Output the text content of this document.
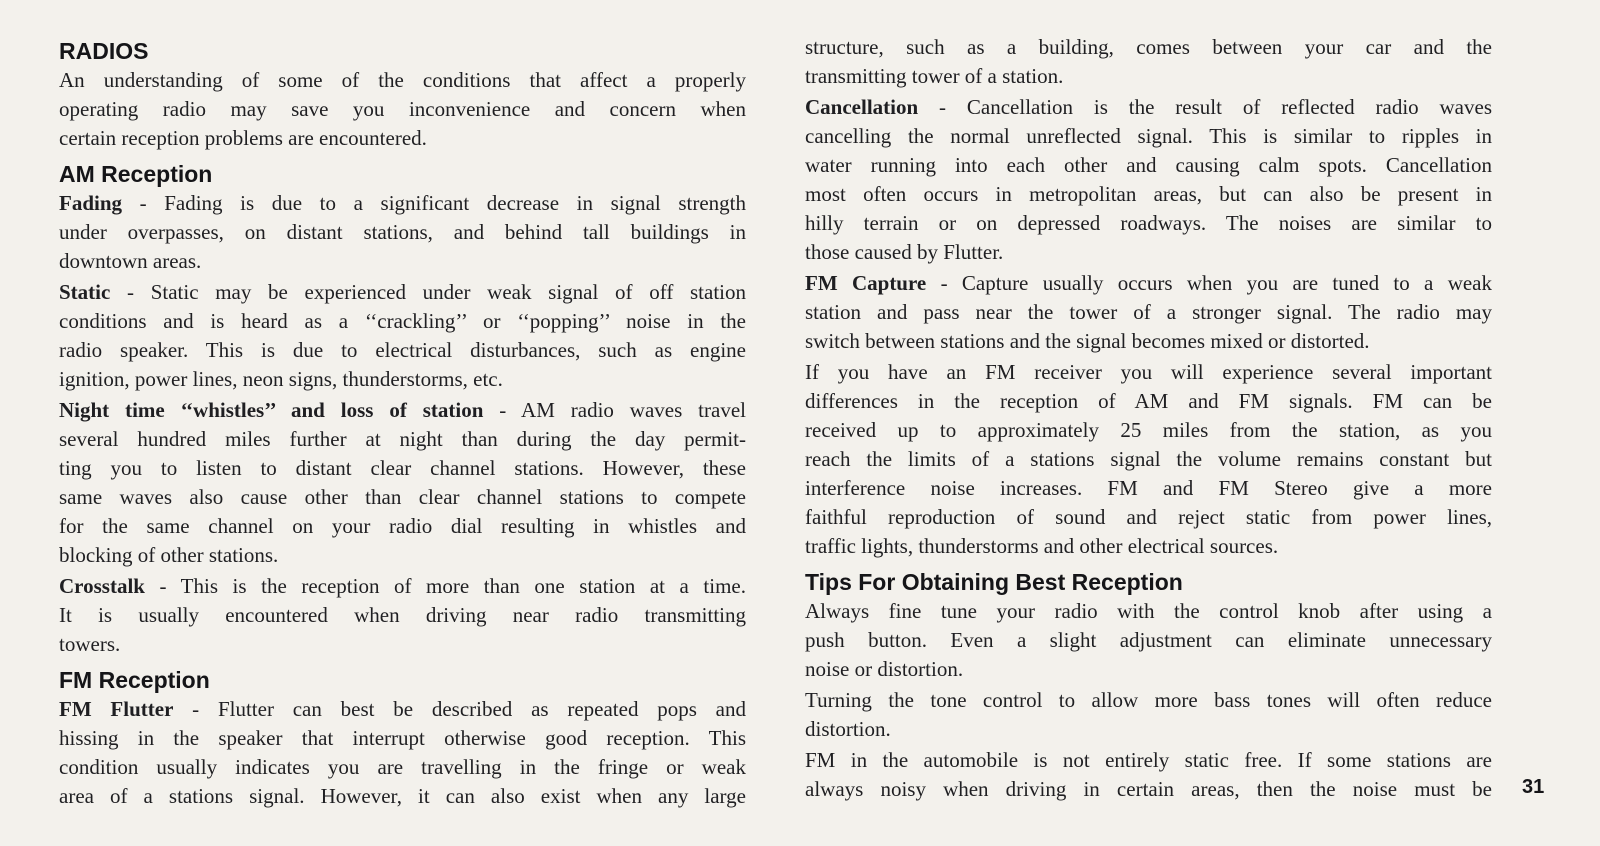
RADIOS
An understanding of some of the conditions that affect a properly
operating radio may save you inconvenience and concern when
certain reception problems are encountered.
AM Reception
Fading - Fading is due to a significant decrease in signal strength
under overpasses, on distant stations, and behind tall buildings in
downtown areas.
Static - Static may be experienced under weak signal of off station
conditions and is heard as a ‘‘crackling’’ or ‘‘popping’’ noise in the
radio speaker. This is due to electrical disturbances, such as engine
ignition, power lines, neon signs, thunderstorms, etc.
Night time ‘‘whistles’’ and loss of station - AM radio waves travel
several hundred miles further at night than during the day permit-
ting you to listen to distant clear channel stations. However, these
same waves also cause other than clear channel stations to compete
for the same channel on your radio dial resulting in whistles and
blocking of other stations.
Crosstalk - This is the reception of more than one station at a time.
It is usually encountered when driving near radio transmitting
towers.
FM Reception
FM Flutter - Flutter can best be described as repeated pops and
hissing in the speaker that interrupt otherwise good reception. This
condition usually indicates you are travelling in the fringe or weak
area of a stations signal. However, it can also exist when any large
structure, such as a building, comes between your car and the
transmitting tower of a station.
Cancellation - Cancellation is the result of reflected radio waves
cancelling the normal unreflected signal. This is similar to ripples in
water running into each other and causing calm spots. Cancellation
most often occurs in metropolitan areas, but can also be present in
hilly terrain or on depressed roadways. The noises are similar to
those caused by Flutter.
FM Capture - Capture usually occurs when you are tuned to a weak
station and pass near the tower of a stronger signal. The radio may
switch between stations and the signal becomes mixed or distorted.
If you have an FM receiver you will experience several important
differences in the reception of AM and FM signals. FM can be
received up to approximately 25 miles from the station, as you
reach the limits of a stations signal the volume remains constant but
interference noise increases. FM and FM Stereo give a more
faithful reproduction of sound and reject static from power lines,
traffic lights, thunderstorms and other electrical sources.
Tips For Obtaining Best Reception
Always fine tune your radio with the control knob after using a
push button. Even a slight adjustment can eliminate unnecessary
noise or distortion.
Turning the tone control to allow more bass tones will often reduce
distortion.
FM in the automobile is not entirely static free. If some stations are
always noisy when driving in certain areas, then the noise must be 31
